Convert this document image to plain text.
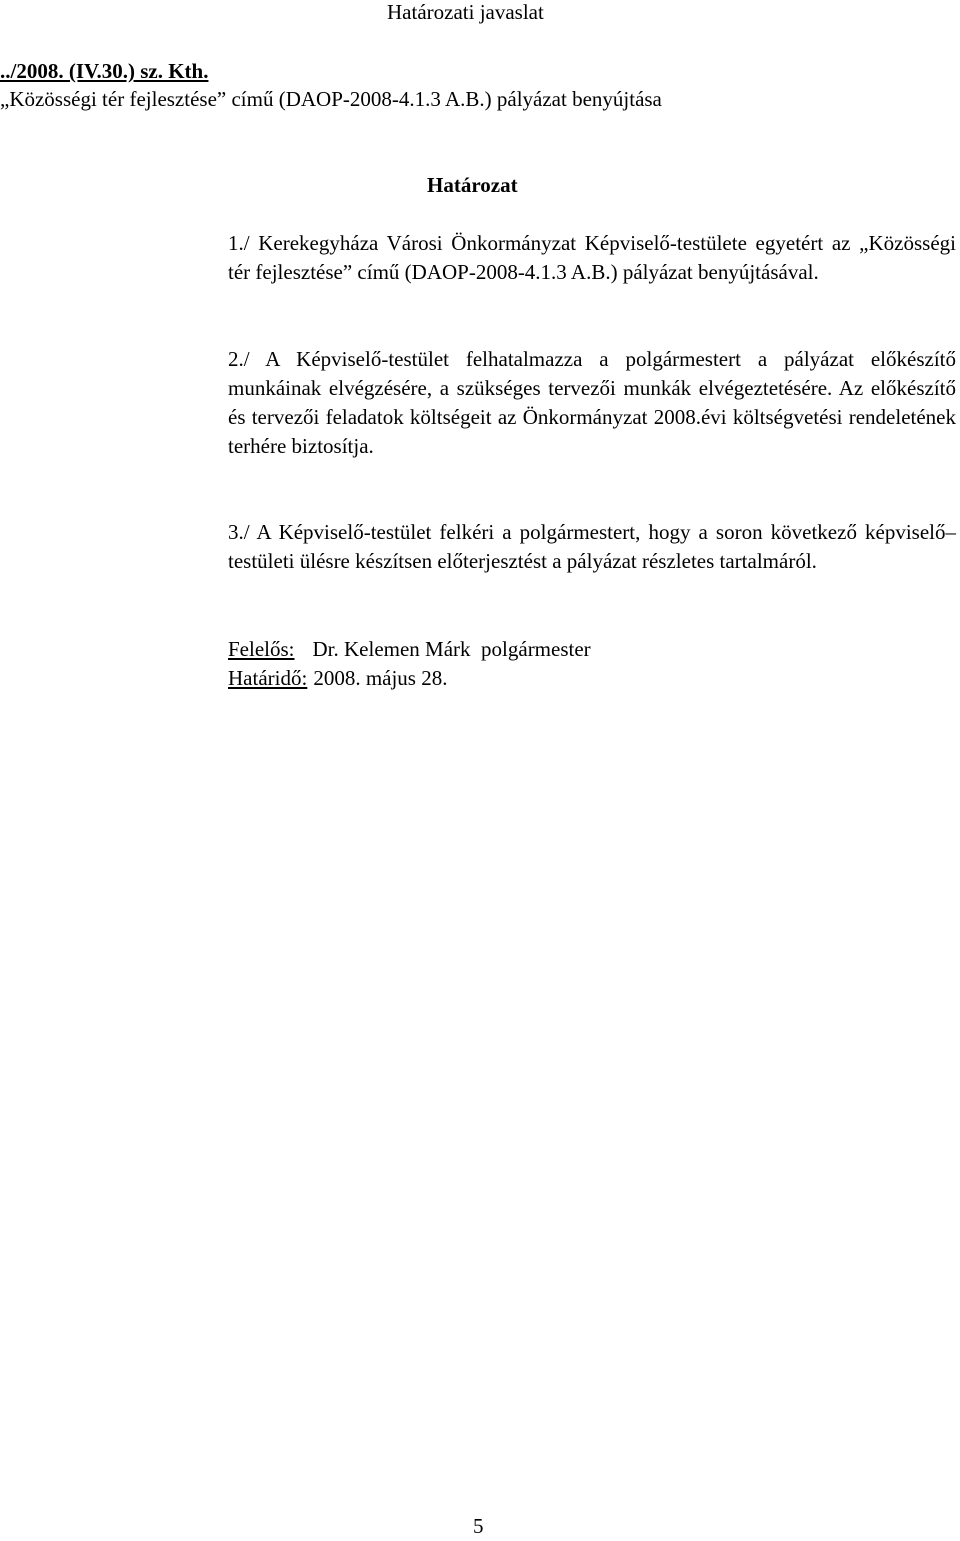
Határozati javaslat
../2008. (IV.30.) sz. Kth.
„Közösségi tér fejlesztése” című (DAOP-2008-4.1.3 A.B.) pályázat benyújtása
Határozat
1./ Kerekegyháza Városi Önkormányzat Képviselő-testülete egyetért az „Közösségi tér fejlesztése” című (DAOP-2008-4.1.3 A.B.) pályázat benyújtásával.
2./ A Képviselő-testület felhatalmazza a polgármestert a pályázat előkészítő munkáinak elvégzésére, a szükséges tervezői munkák elvégeztetésére. Az előkészítő és tervezői feladatok költségeit az Önkormányzat 2008.évi költségvetési rendeletének terhére biztosítja.
3./ A Képviselő-testület felkéri a polgármestert, hogy a soron következő képviselő–testületi ülésre készítsen előterjesztést a pályázat részletes tartalmáról.
Felelős: Dr. Kelemen Márk  polgármester
Határidő: 2008. május 28.
5
